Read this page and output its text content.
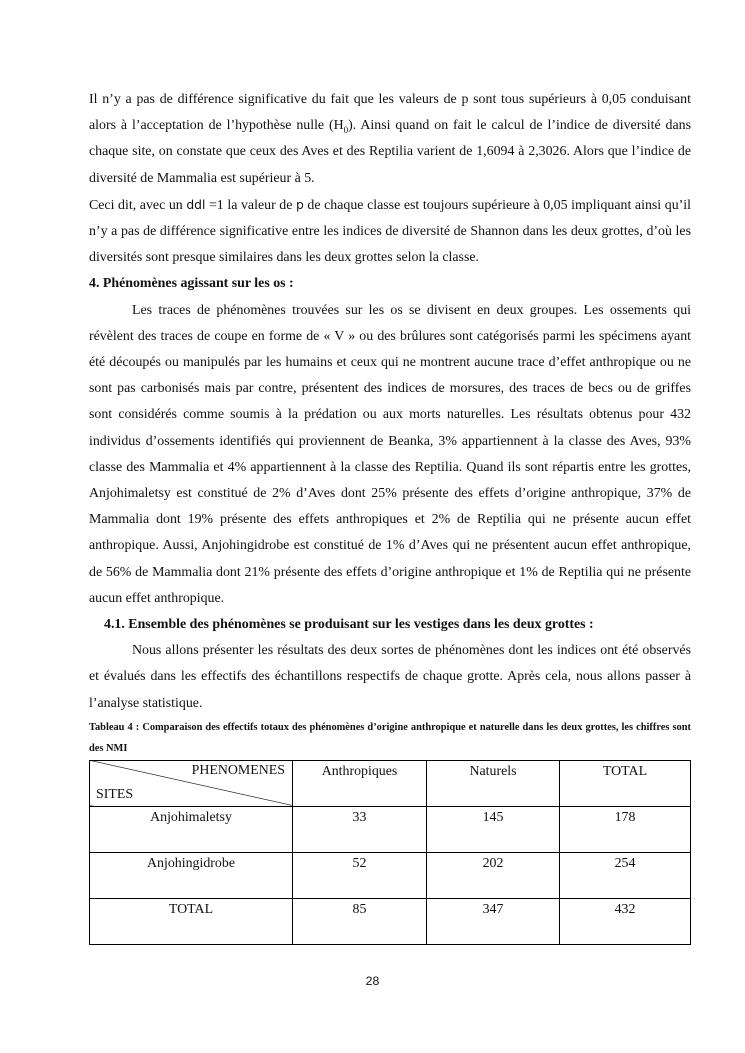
Il n’y a pas de différence significative du fait que les valeurs de p sont tous supérieurs à 0,05 conduisant alors à l’acceptation de l’hypothèse nulle $(H_0)$. Ainsi quand on fait le calcul de l’indice de diversité dans chaque site, on constate que ceux des Aves et des Reptilia varient de 1,6094 à 2,3026. Alors que l’indice de diversité de Mammalia est supérieur à 5.

Ceci dit, avec un ddl =1 la valeur de p de chaque classe est toujours supérieure à 0,05 impliquant ainsi qu’il n’y a pas de différence significative entre les indices de diversité de Shannon dans les deux grottes, d’où les diversités sont presque similaires dans les deux grottes selon la classe.

4. Phénomènes agissant sur les os :

Les traces de phénomènes trouvées sur les os se divisent en deux groupes. Les ossements qui révèlent des traces de coupe en forme de « V » ou des brûlures sont catégorisés parmi les spécimens ayant été découpés ou manipulés par les humains et ceux qui ne montrent aucune trace d’effet anthropique ou ne sont pas carbonisés mais par contre, présentent des indices de morsures, des traces de becs ou de griffes sont considérés comme soumis à la prédation ou aux morts naturelles. Les résultats obtenus pour 432 individus d’ossements identifiés qui proviennent de Beanka, 3% appartiennent à la classe des Aves, 93% classe des Mammalia et 4% appartiennent à la classe des Reptilia. Quand ils sont répartis entre les grottes, Anjohimaletsy est constitué de 2% d’Aves dont 25% présente des effets d’origine anthropique, 37% de Mammalia dont 19% présente des effets anthropiques et 2% de Reptilia qui ne présente aucun effet anthropique. Aussi, Anjohingidrobe est constitué de 1% d’Aves qui ne présentent aucun effet anthropique, de 56% de Mammalia dont 21% présente des effets d’origine anthropique et 1% de Reptilia qui ne présente aucun effet anthropique.

4.1. Ensemble des phénomènes se produisant sur les vestiges dans les deux grottes :

Nous allons présenter les résultats des deux sortes de phénomènes dont les indices ont été observés et évalués dans les effectifs des échantillons respectifs de chaque grotte. Après cela, nous allons passer à l’analyse statistique.

Tableau 4 : Comparaison des effectifs totaux des phénomènes d’origine anthropique et naturelle dans les deux grottes, les chiffres sont des NMI

PHENOMENES
SITES	Anthropiques	Naturels	TOTAL
Anjohimaletsy	33	145	178
Anjohingidrobe	52	202	254
TOTAL	85	347	432
28
